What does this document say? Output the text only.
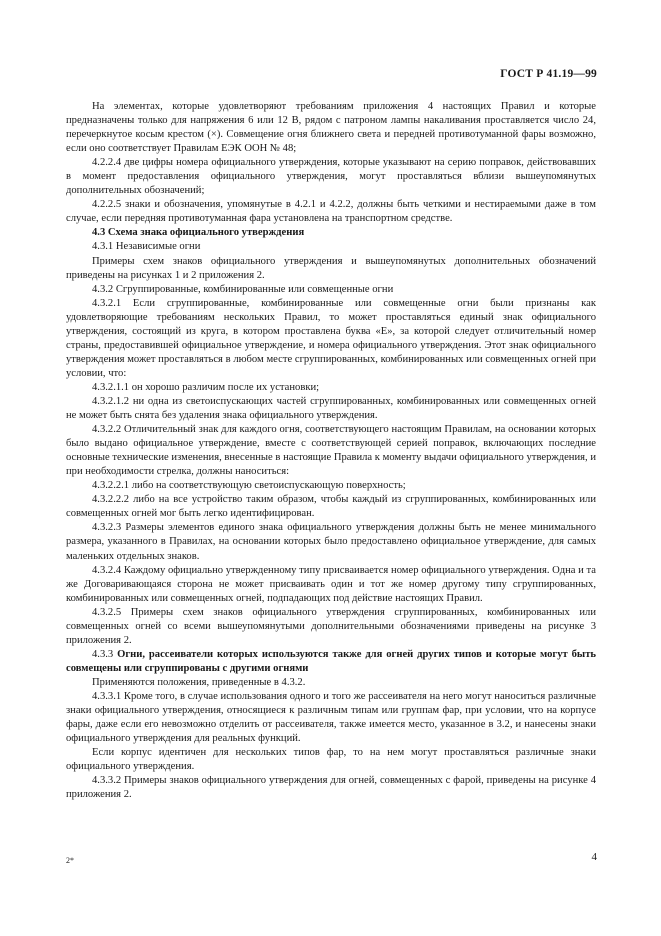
ГОСТ Р 41.19—99

На элементах, которые удовлетворяют требованиям приложения 4 настоящих Правил и которые предназначены только для напряжения 6 или 12 В, рядом с патроном лампы накаливания проставляется число 24, перечеркнутое косым крестом (×). Совмещение огня ближнего света и передней противотуманной фары возможно, если оно соответствует Правилам ЕЭК ООН № 48;

4.2.2.4 две цифры номера официального утверждения, которые указывают на серию поправок, действовавших в момент предоставления официального утверждения, могут проставляться вблизи вышеупомянутых дополнительных обозначений;

4.2.2.5 знаки и обозначения, упомянутые в 4.2.1 и 4.2.2, должны быть четкими и нестираемыми даже в том случае, если передняя противотуманная фара установлена на транспортном средстве.

4.3 Схема знака официального утверждения

4.3.1 Независимые огни

Примеры схем знаков официального утверждения и вышеупомянутых дополнительных обозначений приведены на рисунках 1 и 2 приложения 2.

4.3.2 Сгруппированные, комбинированные или совмещенные огни

4.3.2.1 Если сгруппированные, комбинированные или совмещенные огни были признаны как удовлетворяющие требованиям нескольких Правил, то может проставляться единый знак официального утверждения, состоящий из круга, в котором проставлена буква «Е», за которой следует отличительный номер страны, предоставившей официальное утверждение, и номера официального утверждения. Этот знак официального утверждения может проставляться в любом месте сгруппированных, комбинированных или совмещенных огней при условии, что:

4.3.2.1.1 он хорошо различим после их установки;

4.3.2.1.2 ни одна из светоиспускающих частей сгруппированных, комбинированных или совмещенных огней не может быть снята без удаления знака официального утверждения.

4.3.2.2 Отличительный знак для каждого огня, соответствующего настоящим Правилам, на основании которых было выдано официальное утверждение, вместе с соответствующей серией поправок, включающих последние основные технические изменения, внесенные в настоящие Правила к моменту выдачи официального утверждения, и при необходимости стрелка, должны наноситься:

4.3.2.2.1 либо на соответствующую светоиспускающую поверхность;

4.3.2.2.2 либо на все устройство таким образом, чтобы каждый из сгруппированных, комбинированных или совмещенных огней мог быть легко идентифицирован.

4.3.2.3 Размеры элементов единого знака официального утверждения должны быть не менее минимального размера, указанного в Правилах, на основании которых было предоставлено официальное утверждение, для самых маленьких отдельных знаков.

4.3.2.4 Каждому официально утвержденному типу присваивается номер официального утверждения. Одна и та же Договаривающаяся сторона не может присваивать один и тот же номер другому типу сгруппированных, комбинированных или совмещенных огней, подпадающих под действие настоящих Правил.

4.3.2.5 Примеры схем знаков официального утверждения сгруппированных, комбинированных или совмещенных огней со всеми вышеупомянутыми дополнительными обозначениями приведены на рисунке 3 приложения 2.

4.3.3 Огни, рассеиватели которых используются также для огней других типов и которые могут быть совмещены или сгруппированы с другими огнями

Применяются положения, приведенные в 4.3.2.

4.3.3.1 Кроме того, в случае использования одного и того же рассеивателя на него могут наноситься различные знаки официального утверждения, относящиеся к различным типам или группам фар, при условии, что на корпусе фары, даже если его невозможно отделить от рассеивателя, также имеется место, указанное в 3.2, и нанесены знаки официального утверждения для реальных функций.

Если корпус идентичен для нескольких типов фар, то на нем могут проставляться различные знаки официального утверждения.

4.3.3.2 Примеры знаков официального утверждения для огней, совмещенных с фарой, приведены на рисунке 4 приложения 2.

2*	4
